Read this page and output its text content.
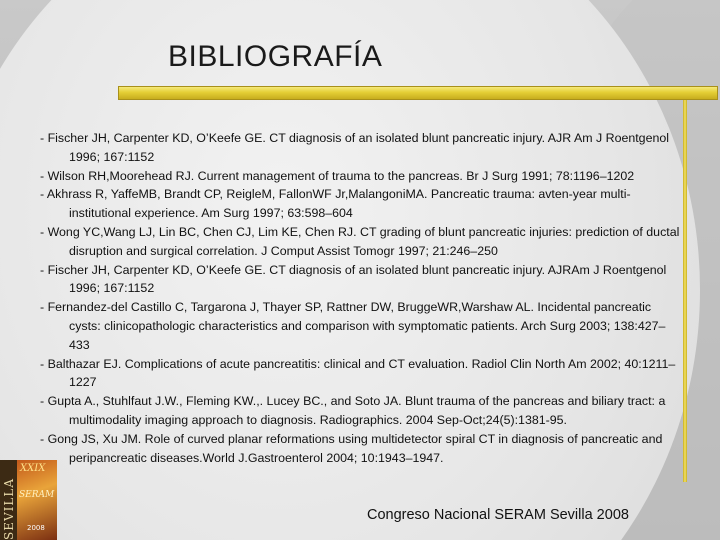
BIBLIOGRAFÍA

- Fischer JH, Carpenter KD, O’Keefe GE. CT diagnosis of an isolated blunt pancreatic injury. AJR Am J Roentgenol 1996; 167:1152

- Wilson RH,Moorehead RJ. Current management of trauma to the pancreas. Br J Surg 1991; 78:1196–1202

- Akhrass R, YaffeMB, Brandt CP, ReigleM, FallonWF Jr,MalangoniMA. Pancreatic trauma: avten-year multi-institutional experience. Am Surg 1997; 63:598–604

- Wong YC,Wang LJ, Lin BC, Chen CJ, Lim KE, Chen RJ. CT grading of blunt pancreatic injuries: prediction of ductal disruption and surgical correlation. J Comput Assist Tomogr 1997; 21:246–250

- Fischer JH, Carpenter KD, O’Keefe GE. CT diagnosis of an isolated blunt pancreatic injury. AJRAm J Roentgenol 1996; 167:1152

- Fernandez-del Castillo C, Targarona J, Thayer SP, Rattner DW, BruggeWR,Warshaw AL. Incidental pancreatic cysts: clinicopathologic characteristics and comparison with symptomatic patients. Arch Surg 2003; 138:427–433

- Balthazar EJ. Complications of acute pancreatitis: clinical and CT evaluation. Radiol Clin North Am 2002; 40:1211–1227

- Gupta A., Stuhlfaut J.W., Fleming KW.,. Lucey BC., and Soto JA. Blunt trauma of the pancreas and biliary tract: a multimodality imaging approach to diagnosis. Radiographics. 2004 Sep-Oct;24(5):1381-95.

- Gong JS, Xu JM. Role of curved planar reformations using multidetector spiral CT in diagnosis of pancreatic and peripancreatic diseases.World J.Gastroenterol 2004; 10:1943–1947.

SEVILLA
XXIX
SERAM
2008
Congreso Nacional SERAM Sevilla 2008
